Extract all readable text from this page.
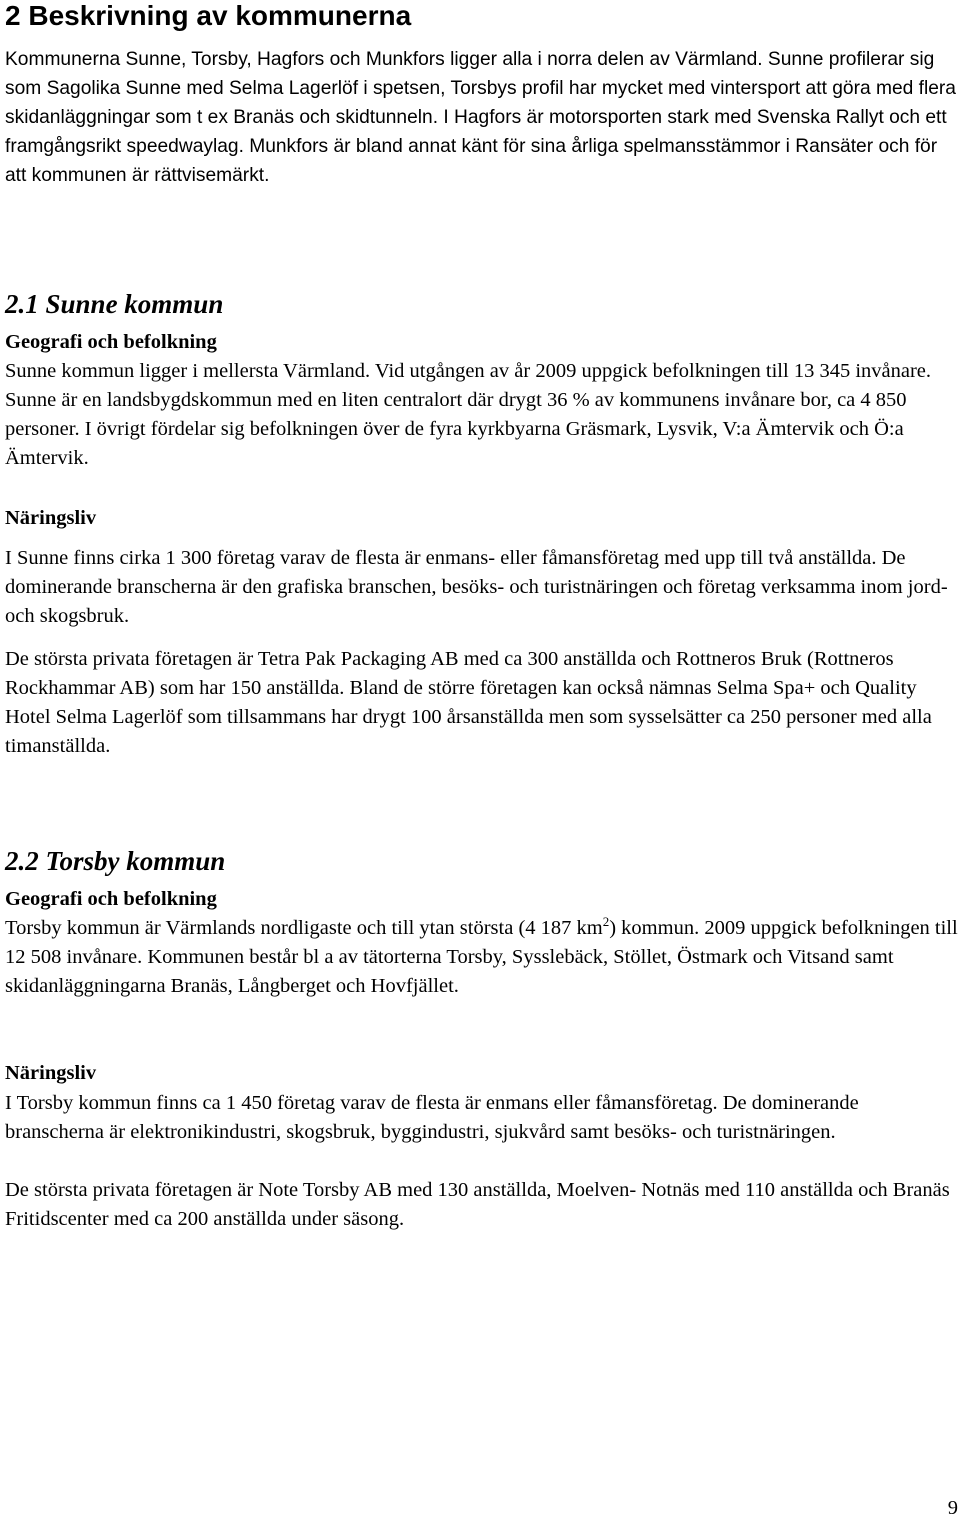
2 Beskrivning av kommunerna

Kommunerna Sunne, Torsby, Hagfors och Munkfors ligger alla i norra delen av Värmland. Sunne profilerar sig som Sagolika Sunne med Selma Lagerlöf i spetsen, Torsbys profil har mycket med vintersport att göra med flera skidanläggningar som t ex Branäs och skidtunneln. I Hagfors är motorsporten stark med Svenska Rallyt och ett framgångsrikt speedwaylag. Munkfors är bland annat känt för sina årliga spelmansstämmor i Ransäter och för att kommunen är rättvisemärkt.

2.1 Sunne kommun
Geografi och befolkning

Sunne kommun ligger i mellersta Värmland. Vid utgången av år 2009 uppgick befolkningen till 13 345 invånare. Sunne är en landsbygdskommun med en liten centralort där drygt 36 % av kommunens invånare bor, ca 4 850 personer. I övrigt fördelar sig befolkningen över de fyra kyrkbyarna Gräsmark, Lysvik, V:a Ämtervik och Ö:a Ämtervik.

Näringsliv

I Sunne finns cirka 1 300 företag varav de flesta är enmans- eller fåmansföretag med upp till två anställda. De dominerande branscherna är den grafiska branschen, besöks- och turistnäringen och företag verksamma inom jord- och skogsbruk.

De största privata företagen är Tetra Pak Packaging AB med ca 300 anställda och Rottneros Bruk (Rottneros Rockhammar AB) som har 150 anställda. Bland de större företagen kan också nämnas Selma Spa+ och Quality Hotel Selma Lagerlöf som tillsammans har drygt 100 årsanställda men som sysselsätter ca 250 personer med alla timanställda.

2.2 Torsby kommun
Geografi och befolkning

Torsby kommun är Värmlands nordligaste och till ytan största (4 187 $km^2$) kommun. 2009 uppgick befolkningen till 12 508 invånare. Kommunen består bl a av tätorterna Torsby, Sysslebäck, Stöllet, Östmark och Vitsand samt skidanläggningarna Branäs, Långberget och Hovfjället.

Näringsliv

I Torsby kommun finns ca 1 450 företag varav de flesta är enmans eller fåmansföretag. De dominerande branscherna är elektronikindustri, skogsbruk, byggindustri, sjukvård samt besöks- och turistnäringen.

De största privata företagen är Note Torsby AB med 130 anställda, Moelven- Notnäs med 110 anställda och Branäs Fritidscenter med ca 200 anställda under säsong.

9
